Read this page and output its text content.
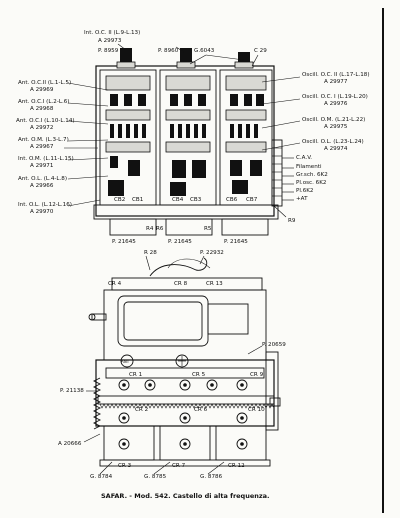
Int. O.C. II (L.9-L.13)
A 29973
P. 8959	P. 8960	G.6043	C 29
Ant. O.C.II (L.1-L.5)
A 29969
Ant. O.C.I (L.2-L.6)
A 29968
Ant. O.C.I (L.10-L.14)
A 29972
Ant. O.M. (L.3-L.7)
A 29967
Int. O.M. (L.11-L.15)
A 29971
Ant. O.L. (L.4-L.8)
A 29966
Int. O.L. (L.12-L.16)
A 29970
Oscill. O.C. II (L.17-L.18)
A 29977
Oscill. O.C. I (L.19-L.20)
A 29976
Oscill. O.M. (L.21-L.22)
A 29975
Oscill. O.L. (L.23-L.24)
A 29974
C.A.V.
Filamenti
Gr.sch. 6K2
Pl.osc. 6K2
Pl.6K2
+AT
CB2 CB1	CB4 CB3	CB6 CB7
R4 R6	R5
R9
P. 21645	P. 21645	P. 21645
R 28	P. 22932
CR 4	CR 8	CR 13
P. 20659
P. 21138
CR 1	CR 5	CR 9
CR 2	CR 6	CR 10
A 20666
CR 3	CR 7	CR 12
G. 8784	G. 8785	G. 8786
ANT
SAFAR. - Mod. 542. Castello di alta frequenza.
